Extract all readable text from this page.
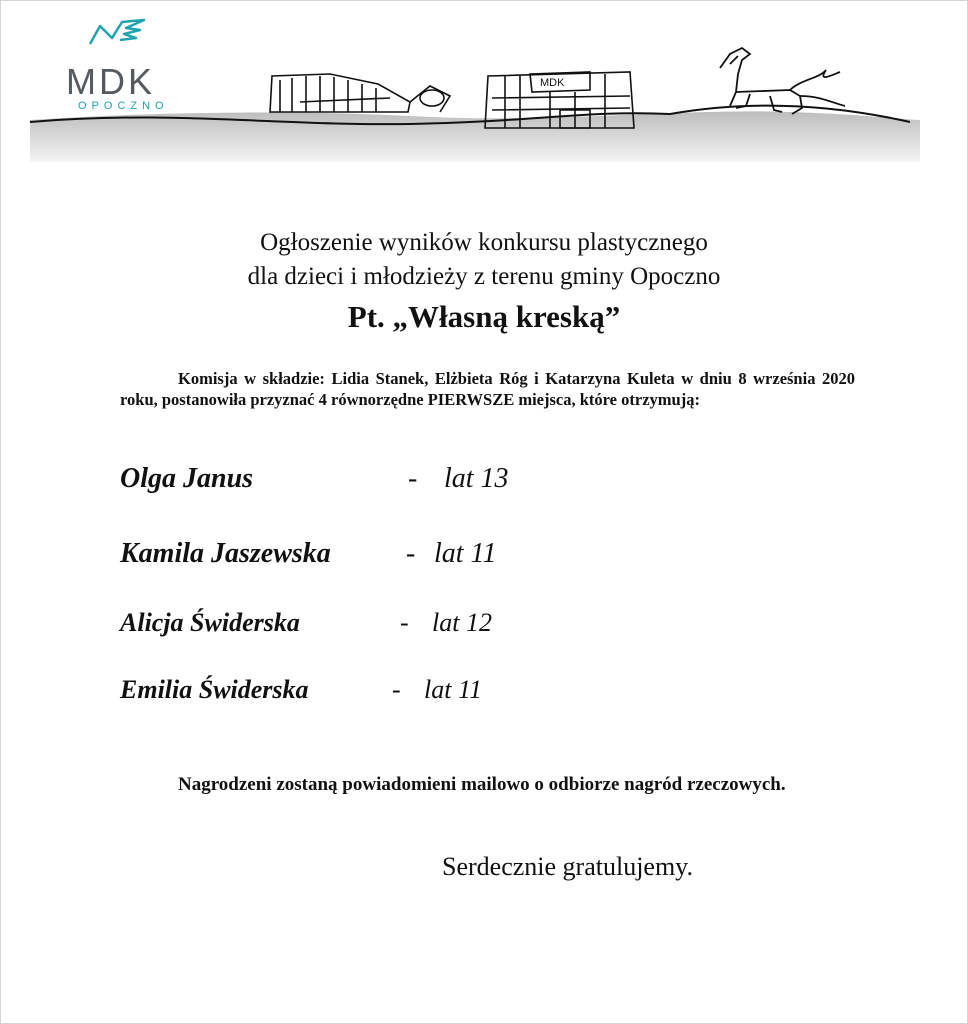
MDK
OPOCZNO
MDK
Ogłoszenie wyników konkursu plastycznego
dla dzieci i młodzieży z terenu gminy Opoczno
Pt. „Własną kreską”
Komisja w składzie: Lidia Stanek, Elżbieta Róg i Katarzyna Kuleta w dniu 8 września 2020 roku, postanowiła przyznać 4 równorzędne PIERWSZE miejsca, które otrzymują:
Olga Janus	- lat 13
Kamila Jaszewska	- lat 11
Alicja Świderska	- lat 12
Emilia Świderska	- lat 11
Nagrodzeni zostaną powiadomieni mailowo o odbiorze nagród rzeczowych.
Serdecznie gratulujemy.
